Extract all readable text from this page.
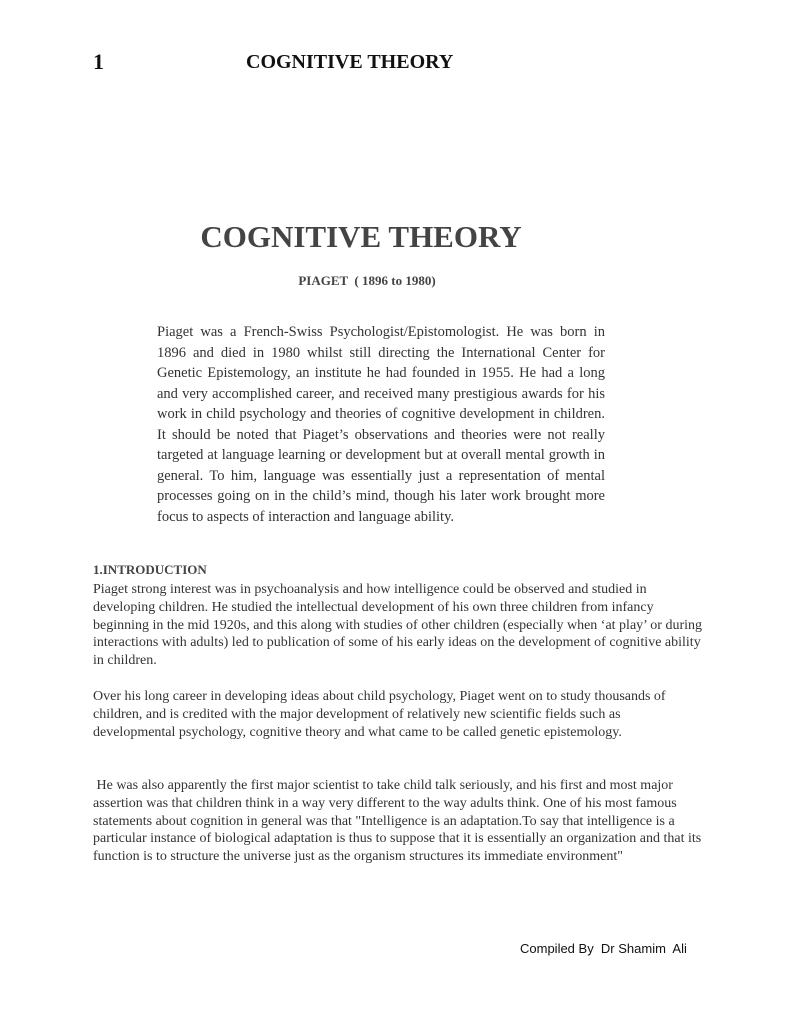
1	COGNITIVE THEORY
COGNITIVE THEORY
PIAGET  ( 1896 to 1980)

Piaget was a French-Swiss Psychologist/Epistomologist. He was born in 1896 and died in 1980 whilst still directing the International Center for Genetic Epistemology, an institute he had founded in 1955. He had a long and very accomplished career, and received many prestigious awards for his work in child psychology and theories of cognitive development in children. It should be noted that Piaget’s observations and theories were not really targeted at language learning or development but at overall mental growth in general. To him, language was essentially just a representation of mental processes going on in the child’s mind, though his later work brought more focus to aspects of interaction and language ability.

1.INTRODUCTION

Piaget strong interest was in psychoanalysis and how intelligence could be observed and studied in developing children. He studied the intellectual development of his own three children from infancy beginning in the mid 1920s, and this along with studies of other children (especially when ‘at play’ or during interactions with adults) led to publication of some of his early ideas on the development of cognitive ability in children.

Over his long career in developing ideas about child psychology, Piaget went on to study thousands of children, and is credited with the major development of relatively new scientific fields such as developmental psychology, cognitive theory and what came to be called genetic epistemology.

He was also apparently the first major scientist to take child talk seriously, and his first and most major assertion was that children think in a way very different to the way adults think. One of his most famous statements about cognition in general was that "Intelligence is an adaptation.To say that intelligence is a particular instance of biological adaptation is thus to suppose that it is essentially an organization and that its function is to structure the universe just as the organism structures its immediate environment"

Compiled By  Dr Shamim  Ali
